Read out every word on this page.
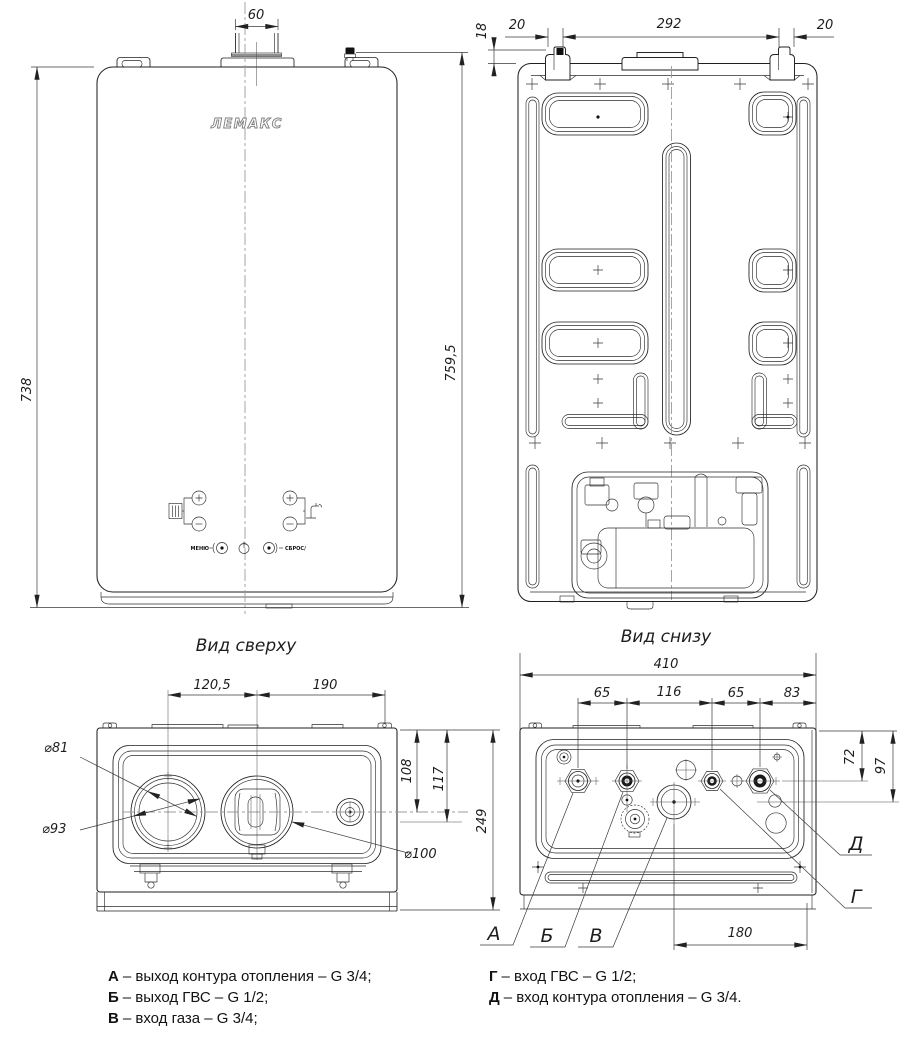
ЛЕМАКС
МЕНЮ	СБРОС/
60
738
759,5
18 20	292	20
120,5	190
⌀81
⌀93
⌀100
108 117
249
410
65	116	65	83
72
97
180
А Б В
Д
Г
Вид сверху	Вид снизу
А – выход контура отопления – G 3/4;
Б – выход ГВС – G 1/2;
В – вход газа – G 3/4;
Г – вход ГВС – G 1/2;
Д – вход контура отопления – G 3/4.
